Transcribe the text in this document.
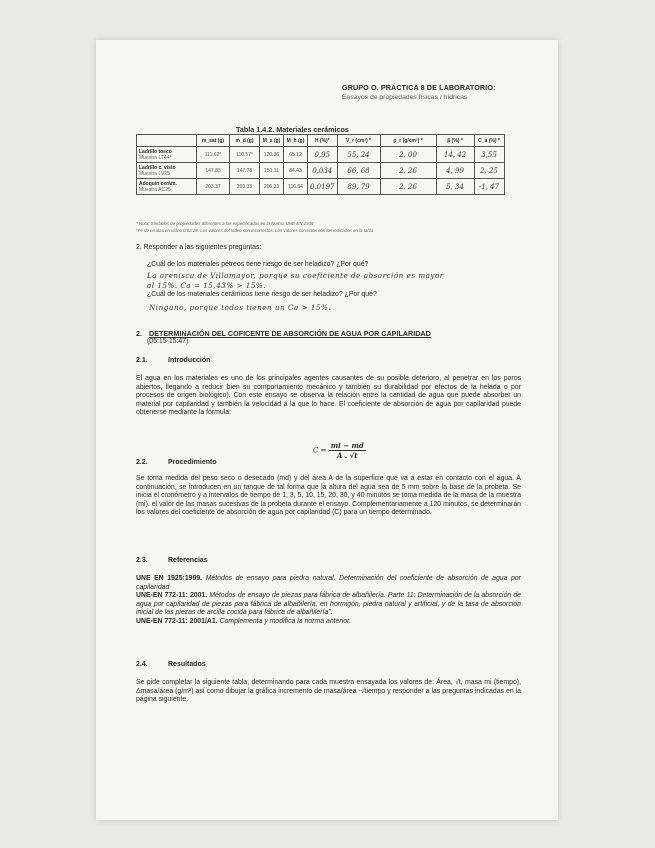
GRUPO O. PRÁCTICA 8 DE LABORATORIO:
Ensayos de propiedades físicas / hídricas
Tabla 1.4.2. Materiales cerámicos
	m_sat (g)	m_d (g)	M_s (g)	M_h (g)	H (%)*	V_r (cm³) *	ρ_r (g/cm³) *	β (%) *	C_a (%) *

Ladrillo tosco
Muestra LT44*	111.62*	110.57*	120.36	65.12	0,95	55, 24	2, 00	14, 42	3,55

Ladrillo c. visto
Muestra LV25	147.83	147.78	151.11	84.43	0,034	66, 68	2, 26	4, 99	2, 25

Adoquín cerám.
Muestra AC25	203.37	203.33	206.33	116.54	0,0197	89, 79	2, 26	5, 34	-1, 47
* Nota: Símbolos de propiedades diferentes a las especificadas en la Norma UNE-EN 1936
*Fe de erratas en vídeo 0:02:28: Los valores del vídeo son incorrectos. Los valores correctos son los indicados en la tabla
2. Responder a las siguientes preguntas:
¿Cuál de los materiales pétreos tiene riesgo de ser heladizo? ¿Por qué?
La arenisca de Villamayor, porque su coeficiente de absorción es mayor
al 15%. Ca = 15,43% > 15%.
¿Cuál de los materiales cerámicos tiene riesgo de ser heladizo? ¿Por qué?
Ninguno, porque todos tienen un Ca > 15%.
2. DETERMINACIÓN DEL COFICENTE DE ABSORCIÓN DE AGUA POR CAPILARIDAD
(05:15-15:47)
2.1.	Introducción
El agua en los materiales es uno de los principales agentes causantes de su posible deterioro, al penetrar en los poros abiertos, llegando a reducir bien su comportamiento mecánico y también su durabilidad por efectos de la helada o por procesos de origen biológico). Con este ensayo se observa la relación entre la cantidad de agua que puede absorber un material por capilaridad y también la velocidad a la que lo hace. El coeficiente de absorción de agua por capilaridad puede obtenerse mediante la fórmula:
$C = \frac{mi - md}{A . √t}$
2.2.	Procedimiento
Se toma medida del peso seco o desecado (md) y del área A de la superficie que va a estar en contacto con el agua. A continuación, se introducen en un tanque de tal forma que la altura del agua sea de 5 mm sobre la base de la probeta. Se inicia el cronómetro y a intervalos de tiempo de 1, 3, 5, 10, 15, 20, 30, y 40 minutos se toma medida de la masa de la muestra (mi). el valor de las masas sucesivas de la probeta durante el ensayo. Complementariamente a 120 minutos, se determinarán los valores del coeficiente de absorción de agua por capilaridad (C) para un tiempo determinado.
2.3.	Referencias

UNE EN 1925:1999. Métodos de ensayo para piedra natural. Determinación del coeficiente de absorción de agua por capilaridad

UNE-EN 772-11: 2001. Métodos de ensayo de piezas para fábrica de albañilería. Parte 11: Determinación de la absorción de agua por capilaridad de piezas para fábrica de albañilería, en hormigón, piedra natural y artificial, y de la tasa de absorción inicial de las piezas de arcilla cocida para fábrica de albañilería".

UNE-EN 772-11: 2001/A1. Complementa y modifica la norma anterior.

2.4.	Resultados
Se pide completar la siguiente tabla, determinando para cada muestra ensayada los valores de: Área, √t, masa mi (tiempo), Δmasa/área (g/m²) así como dibujar la gráfica incremento de masa/área -√tiempo y responder a las preguntas indicadas en la página siguiente.
